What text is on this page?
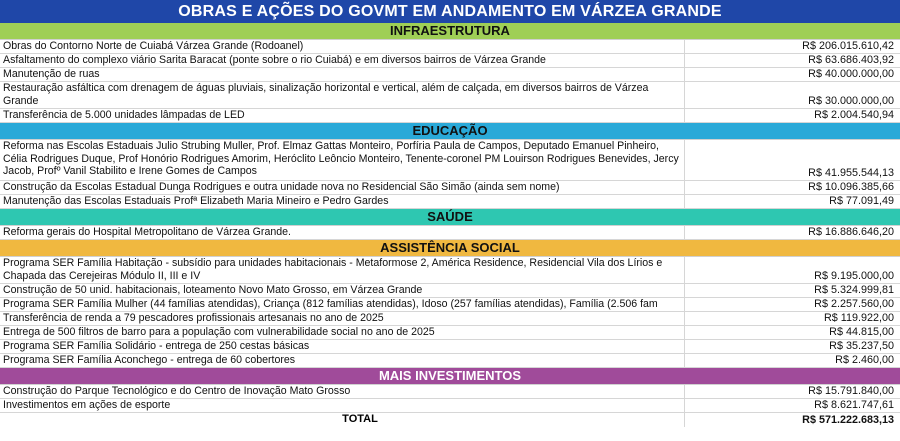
OBRAS E AÇÕES DO GOVMT EM ANDAMENTO EM VÁRZEA GRANDE
INFRAESTRUTURA
Obras do Contorno Norte de Cuiabá Várzea Grande (Rodoanel)	R$ 206.015.610,42
Asfaltamento do complexo viário Sarita Baracat (ponte sobre o rio Cuiabá) e em diversos bairros de Várzea Grande	R$ 63.686.403,92
Manutenção de ruas	R$ 40.000.000,00
Restauração asfáltica com drenagem de águas pluviais, sinalização horizontal e vertical, além de calçada, em diversos bairros de Várzea Grande	R$ 30.000.000,00
Transferência de 5.000 unidades lâmpadas de LED	R$ 2.004.540,94
EDUCAÇÃO
Reforma nas Escolas Estaduais Julio Strubing Muller, Prof. Elmaz Gattas Monteiro, Porfíria Paula de Campos, Deputado Emanuel Pinheiro, Célia Rodrigues Duque, Prof Honório Rodrigues Amorim, Heróclito Leôncio Monteiro, Tenente-coronel PM Louirson Rodrigues Benevides, Jercy Jacob, Profº Vanil Stabilito e Irene Gomes de Campos	R$ 41.955.544,13
Construção da Escolas Estadual Dunga Rodrigues e outra unidade nova no Residencial São Simão (ainda sem nome)	R$ 10.096.385,66
Manutenção das Escolas Estaduais Profª Elizabeth Maria Mineiro e Pedro Gardes	R$ 77.091,49
SAÚDE
Reforma gerais do Hospital Metropolitano de Várzea Grande.	R$ 16.886.646,20
ASSISTÊNCIA SOCIAL
Programa SER Família Habitação - subsídio para unidades habitacionais - Metaformose 2, América Residence, Residencial Vila dos Lírios e Chapada das Cerejeiras Módulo II, III e IV	R$ 9.195.000,00
Construção de 50 unid. habitacionais, loteamento Novo Mato Grosso, em Várzea Grande	R$ 5.324.999,81
Programa SER Família Mulher (44 famílias atendidas), Criança (812 famílias atendidas), Idoso (257 famílias atendidas), Família (2.506 fam	R$ 2.257.560,00
Transferência de renda a 79 pescadores profissionais artesanais no ano de 2025	R$ 119.922,00
Entrega de 500 filtros de barro para a população com vulnerabilidade social no ano de 2025	R$ 44.815,00
Programa SER Família Solidário - entrega de 250 cestas básicas	R$ 35.237,50
Programa SER Família Aconchego - entrega de 60 cobertores	R$ 2.460,00
MAIS INVESTIMENTOS
Construção do Parque Tecnológico e do Centro de Inovação Mato Grosso	R$ 15.791.840,00
Investimentos em ações de esporte	R$ 8.621.747,61
TOTAL	R$ 571.222.683,13
